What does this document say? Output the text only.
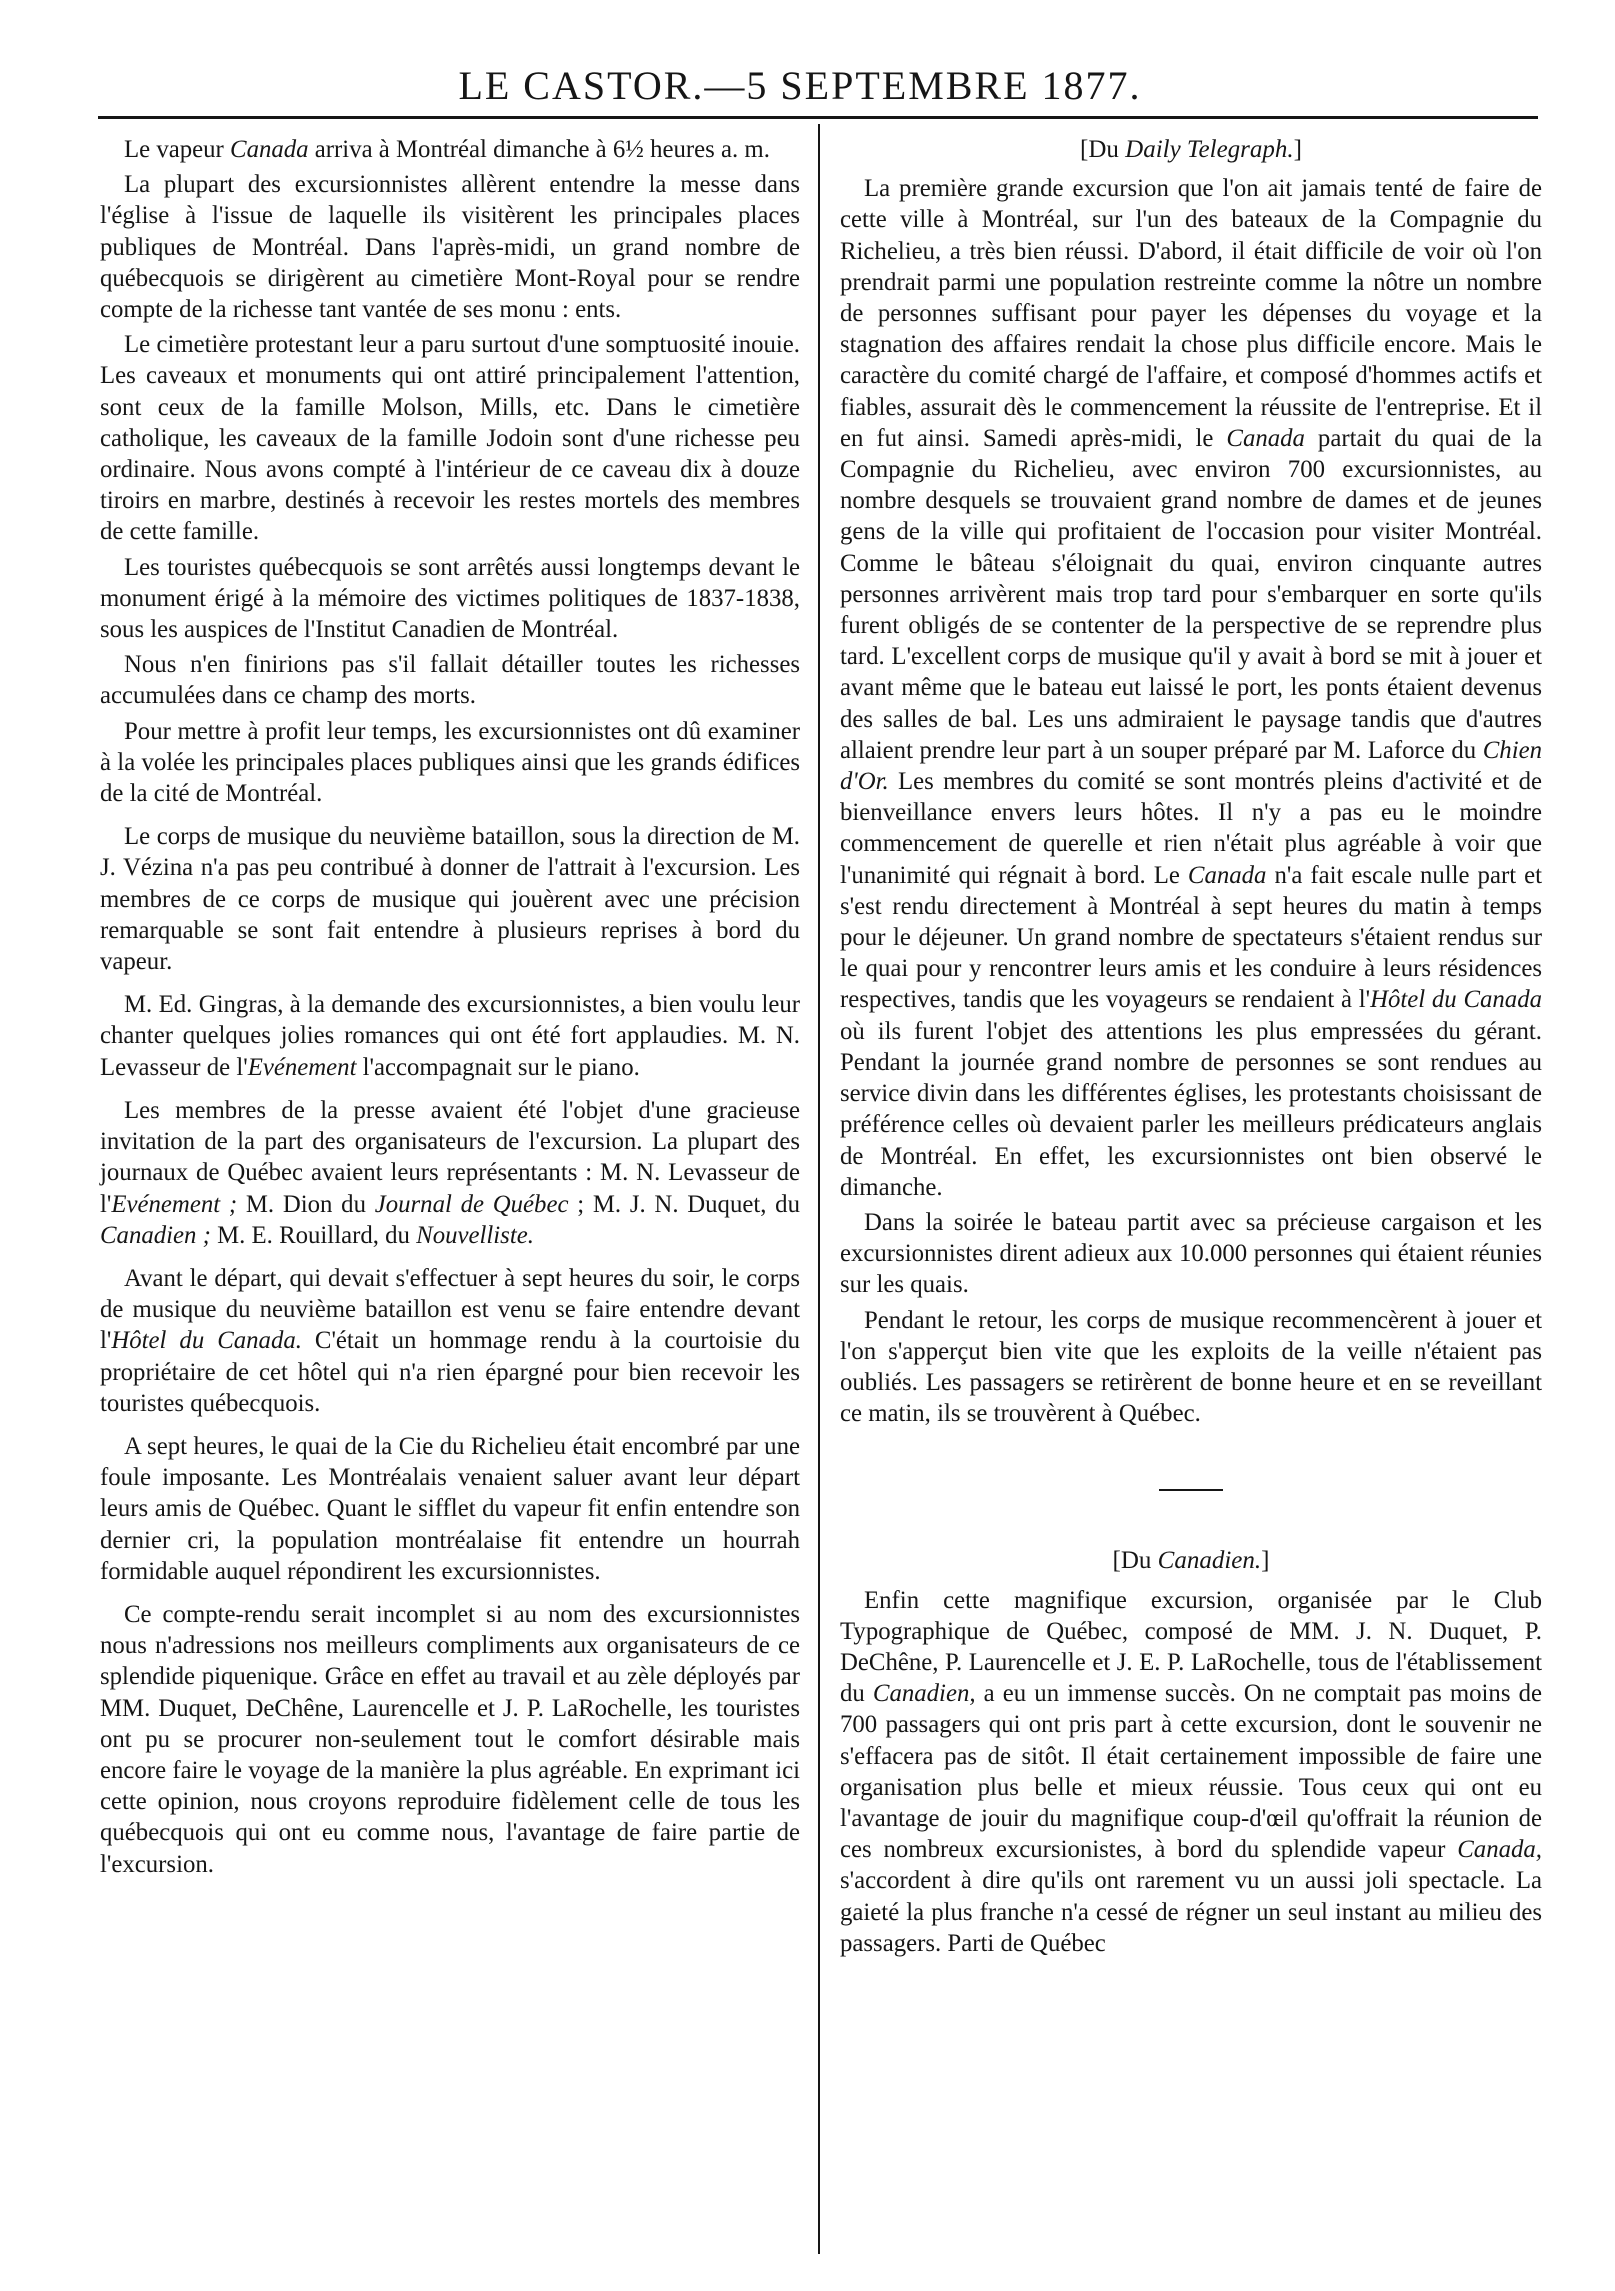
LE CASTOR.—5 SEPTEMBRE 1877.

Le vapeur Canada arriva à Montréal dimanche à 6½ heures a. m.

La plupart des excursionnistes allèrent entendre la messe dans l'église à l'issue de laquelle ils visitèrent les principales places publiques de Montréal. Dans l'après-midi, un grand nombre de québecquois se dirigèrent au cimetière Mont-Royal pour se rendre compte de la richesse tant vantée de ses monu : ents.

Le cimetière protestant leur a paru surtout d'une somptuosité inouie. Les caveaux et monuments qui ont attiré principalement l'attention, sont ceux de la famille Molson, Mills, etc. Dans le cimetière catholique, les caveaux de la famille Jodoin sont d'une richesse peu ordinaire. Nous avons compté à l'intérieur de ce caveau dix à douze tiroirs en marbre, destinés à recevoir les restes mortels des membres de cette famille.

Les touristes québecquois se sont arrêtés aussi longtemps devant le monument érigé à la mémoire des victimes politiques de 1837-1838, sous les auspices de l'Institut Canadien de Montréal.

Nous n'en finirions pas s'il fallait détailler toutes les richesses accumulées dans ce champ des morts.

Pour mettre à profit leur temps, les excursionnistes ont dû examiner à la volée les principales places publiques ainsi que les grands édifices de la cité de Montréal.

Le corps de musique du neuvième bataillon, sous la direction de M. J. Vézina n'a pas peu contribué à donner de l'attrait à l'excursion. Les membres de ce corps de musique qui jouèrent avec une précision remarquable se sont fait entendre à plusieurs reprises à bord du vapeur.

M. Ed. Gingras, à la demande des excursionnistes, a bien voulu leur chanter quelques jolies romances qui ont été fort applaudies. M. N. Levasseur de l'Evénement l'accompagnait sur le piano.

Les membres de la presse avaient été l'objet d'une gracieuse invitation de la part des organisateurs de l'excursion. La plupart des journaux de Québec avaient leurs représentants : M. N. Levasseur de l'Evénement ; M. Dion du Journal de Québec ; M. J. N. Duquet, du Canadien ; M. E. Rouillard, du Nouvelliste.

Avant le départ, qui devait s'effectuer à sept heures du soir, le corps de musique du neuvième bataillon est venu se faire entendre devant l'Hôtel du Canada. C'était un hommage rendu à la courtoisie du propriétaire de cet hôtel qui n'a rien épargné pour bien recevoir les touristes québecquois.

A sept heures, le quai de la Cie du Richelieu était encombré par une foule imposante. Les Montréalais venaient saluer avant leur départ leurs amis de Québec. Quant le sifflet du vapeur fit enfin entendre son dernier cri, la population montréalaise fit entendre un hourrah formidable auquel répondirent les excursionnistes.

Ce compte-rendu serait incomplet si au nom des excursionnistes nous n'adressions nos meilleurs compliments aux organisateurs de ce splendide piquenique. Grâce en effet au travail et au zèle déployés par MM. Duquet, DeChêne, Laurencelle et J. P. LaRochelle, les touristes ont pu se procurer non-seulement tout le comfort désirable mais encore faire le voyage de la manière la plus agréable. En exprimant ici cette opinion, nous croyons reproduire fidèlement celle de tous les québecquois qui ont eu comme nous, l'avantage de faire partie de l'excursion.

[Du Daily Telegraph.]

La première grande excursion que l'on ait jamais tenté de faire de cette ville à Montréal, sur l'un des bateaux de la Compagnie du Richelieu, a très bien réussi. D'abord, il était difficile de voir où l'on prendrait parmi une population restreinte comme la nôtre un nombre de personnes suffisant pour payer les dépenses du voyage et la stagnation des affaires rendait la chose plus difficile encore. Mais le caractère du comité chargé de l'affaire, et composé d'hommes actifs et fiables, assurait dès le commencement la réussite de l'entreprise. Et il en fut ainsi. Samedi après-midi, le Canada partait du quai de la Compagnie du Richelieu, avec environ 700 excursionnistes, au nombre desquels se trouvaient grand nombre de dames et de jeunes gens de la ville qui profitaient de l'occasion pour visiter Montréal. Comme le bâteau s'éloignait du quai, environ cinquante autres personnes arrivèrent mais trop tard pour s'embarquer en sorte qu'ils furent obligés de se contenter de la perspective de se reprendre plus tard. L'excellent corps de musique qu'il y avait à bord se mit à jouer et avant même que le bateau eut laissé le port, les ponts étaient devenus des salles de bal. Les uns admiraient le paysage tandis que d'autres allaient prendre leur part à un souper préparé par M. Laforce du Chien d'Or. Les membres du comité se sont montrés pleins d'activité et de bienveillance envers leurs hôtes. Il n'y a pas eu le moindre commencement de querelle et rien n'était plus agréable à voir que l'unanimité qui régnait à bord. Le Canada n'a fait escale nulle part et s'est rendu directement à Montréal à sept heures du matin à temps pour le déjeuner. Un grand nombre de spectateurs s'étaient rendus sur le quai pour y rencontrer leurs amis et les conduire à leurs résidences respectives, tandis que les voyageurs se rendaient à l'Hôtel du Canada où ils furent l'objet des attentions les plus empressées du gérant. Pendant la journée grand nombre de personnes se sont rendues au service divin dans les différentes églises, les protestants choisissant de préférence celles où devaient parler les meilleurs prédicateurs anglais de Montréal. En effet, les excursionnistes ont bien observé le dimanche.

Dans la soirée le bateau partit avec sa précieuse cargaison et les excursionnistes dirent adieux aux 10.000 personnes qui étaient réunies sur les quais.

Pendant le retour, les corps de musique recommencèrent à jouer et l'on s'apperçut bien vite que les exploits de la veille n'étaient pas oubliés. Les passagers se retirèrent de bonne heure et en se reveillant ce matin, ils se trouvèrent à Québec.

[Du Canadien.]

Enfin cette magnifique excursion, organisée par le Club Typographique de Québec, composé de MM. J. N. Duquet, P. DeChêne, P. Laurencelle et J. E. P. LaRochelle, tous de l'établissement du Canadien, a eu un immense succès. On ne comptait pas moins de 700 passagers qui ont pris part à cette excursion, dont le souvenir ne s'effacera pas de sitôt. Il était certainement impossible de faire une organisation plus belle et mieux réussie. Tous ceux qui ont eu l'avantage de jouir du magnifique coup-d'œil qu'offrait la réunion de ces nombreux excursionistes, à bord du splendide vapeur Canada, s'accordent à dire qu'ils ont rarement vu un aussi joli spectacle. La gaieté la plus franche n'a cessé de régner un seul instant au milieu des passagers. Parti de Québec
